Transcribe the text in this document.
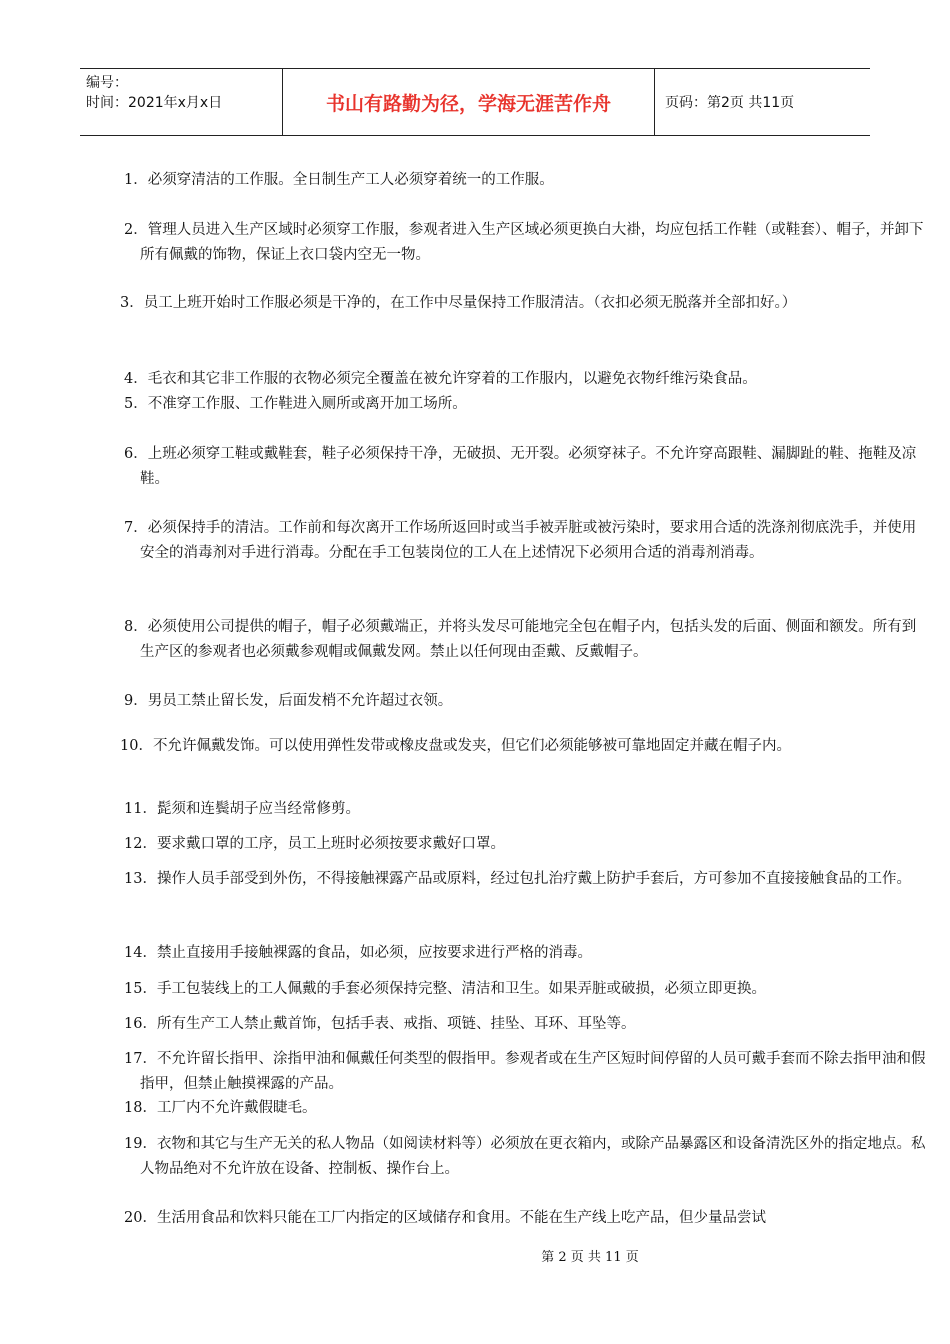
编号：
时间：2021年x月x日	书山有路勤为径，学海无涯苦作舟	页码：第2页 共11页
1．必须穿清洁的工作服。全日制生产工人必须穿着统一的工作服。
2．管理人员进入生产区域时必须穿工作服，参观者进入生产区域必须更换白大褂，均应包括工作鞋（或鞋套）、帽子，并卸下所有佩戴的饰物，保证上衣口袋内空无一物。
3．员工上班开始时工作服必须是干净的，在工作中尽量保持工作服清洁。（衣扣必须无脱落并全部扣好。）
4．毛衣和其它非工作服的衣物必须完全覆盖在被允许穿着的工作服内，以避免衣物纤维污染食品。
5．不准穿工作服、工作鞋进入厕所或离开加工场所。
6．上班必须穿工鞋或戴鞋套，鞋子必须保持干净，无破损、无开裂。必须穿袜子。不允许穿高跟鞋、漏脚趾的鞋、拖鞋及凉鞋。
7．必须保持手的清洁。工作前和每次离开工作场所返回时或当手被弄脏或被污染时，要求用合适的洗涤剂彻底洗手，并使用安全的消毒剂对手进行消毒。分配在手工包装岗位的工人在上述情况下必须用合适的消毒剂消毒。
8．必须使用公司提供的帽子，帽子必须戴端正，并将头发尽可能地完全包在帽子内，包括头发的后面、侧面和额发。所有到生产区的参观者也必须戴参观帽或佩戴发网。禁止以任何现由歪戴、反戴帽子。
9．男员工禁止留长发，后面发梢不允许超过衣领。
10．不允许佩戴发饰。可以使用弹性发带或橡皮盘或发夹，但它们必须能够被可靠地固定并藏在帽子内。
11．髭须和连鬓胡子应当经常修剪。
12．要求戴口罩的工序，员工上班时必须按要求戴好口罩。
13．操作人员手部受到外伤，不得接触裸露产品或原料，经过包扎治疗戴上防护手套后，方可参加不直接接触食品的工作。
14．禁止直接用手接触裸露的食品，如必须，应按要求进行严格的消毒。
15．手工包装线上的工人佩戴的手套必须保持完整、清洁和卫生。如果弄脏或破损，必须立即更换。
16．所有生产工人禁止戴首饰，包括手表、戒指、项链、挂坠、耳环、耳坠等。
17．不允许留长指甲、涂指甲油和佩戴任何类型的假指甲。参观者或在生产区短时间停留的人员可戴手套而不除去指甲油和假指甲，但禁止触摸裸露的产品。
18．工厂内不允许戴假睫毛。
19．衣物和其它与生产无关的私人物品（如阅读材料等）必须放在更衣箱内，或除产品暴露区和设备清洗区外的指定地点。私人物品绝对不允许放在设备、控制板、操作台上。
20．生活用食品和饮料只能在工厂内指定的区域储存和食用。不能在生产线上吃产品，但少量品尝试
第 2 页 共 11 页
